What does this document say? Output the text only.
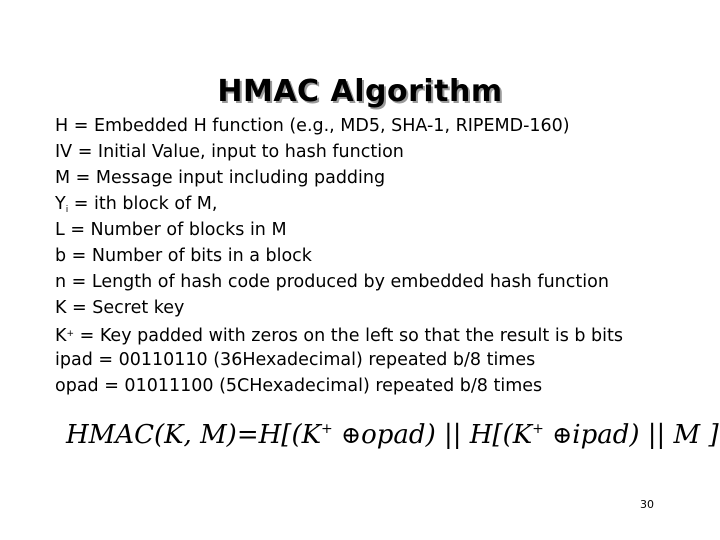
HMAC Algorithm
H = Embedded H function (e.g., MD5, SHA-1, RIPEMD-160)
IV = Initial Value, input to hash function
M = Message input including padding
$Y_i$ = ith block of M,
L = Number of blocks in M
b = Number of bits in a block
n = Length of hash code produced by embedded hash function
K = Secret key
K+ = Key padded with zeros on the left so that the result is b bits
ipad = 00110110 (36Hexadecimal) repeated b/8 times
opad = 01011100 (5CHexadecimal) repeated b/8 times
HMAC(K, M)=H[(K+ ⊕opad) || H[(K+ ⊕ipad) || M ]
30
